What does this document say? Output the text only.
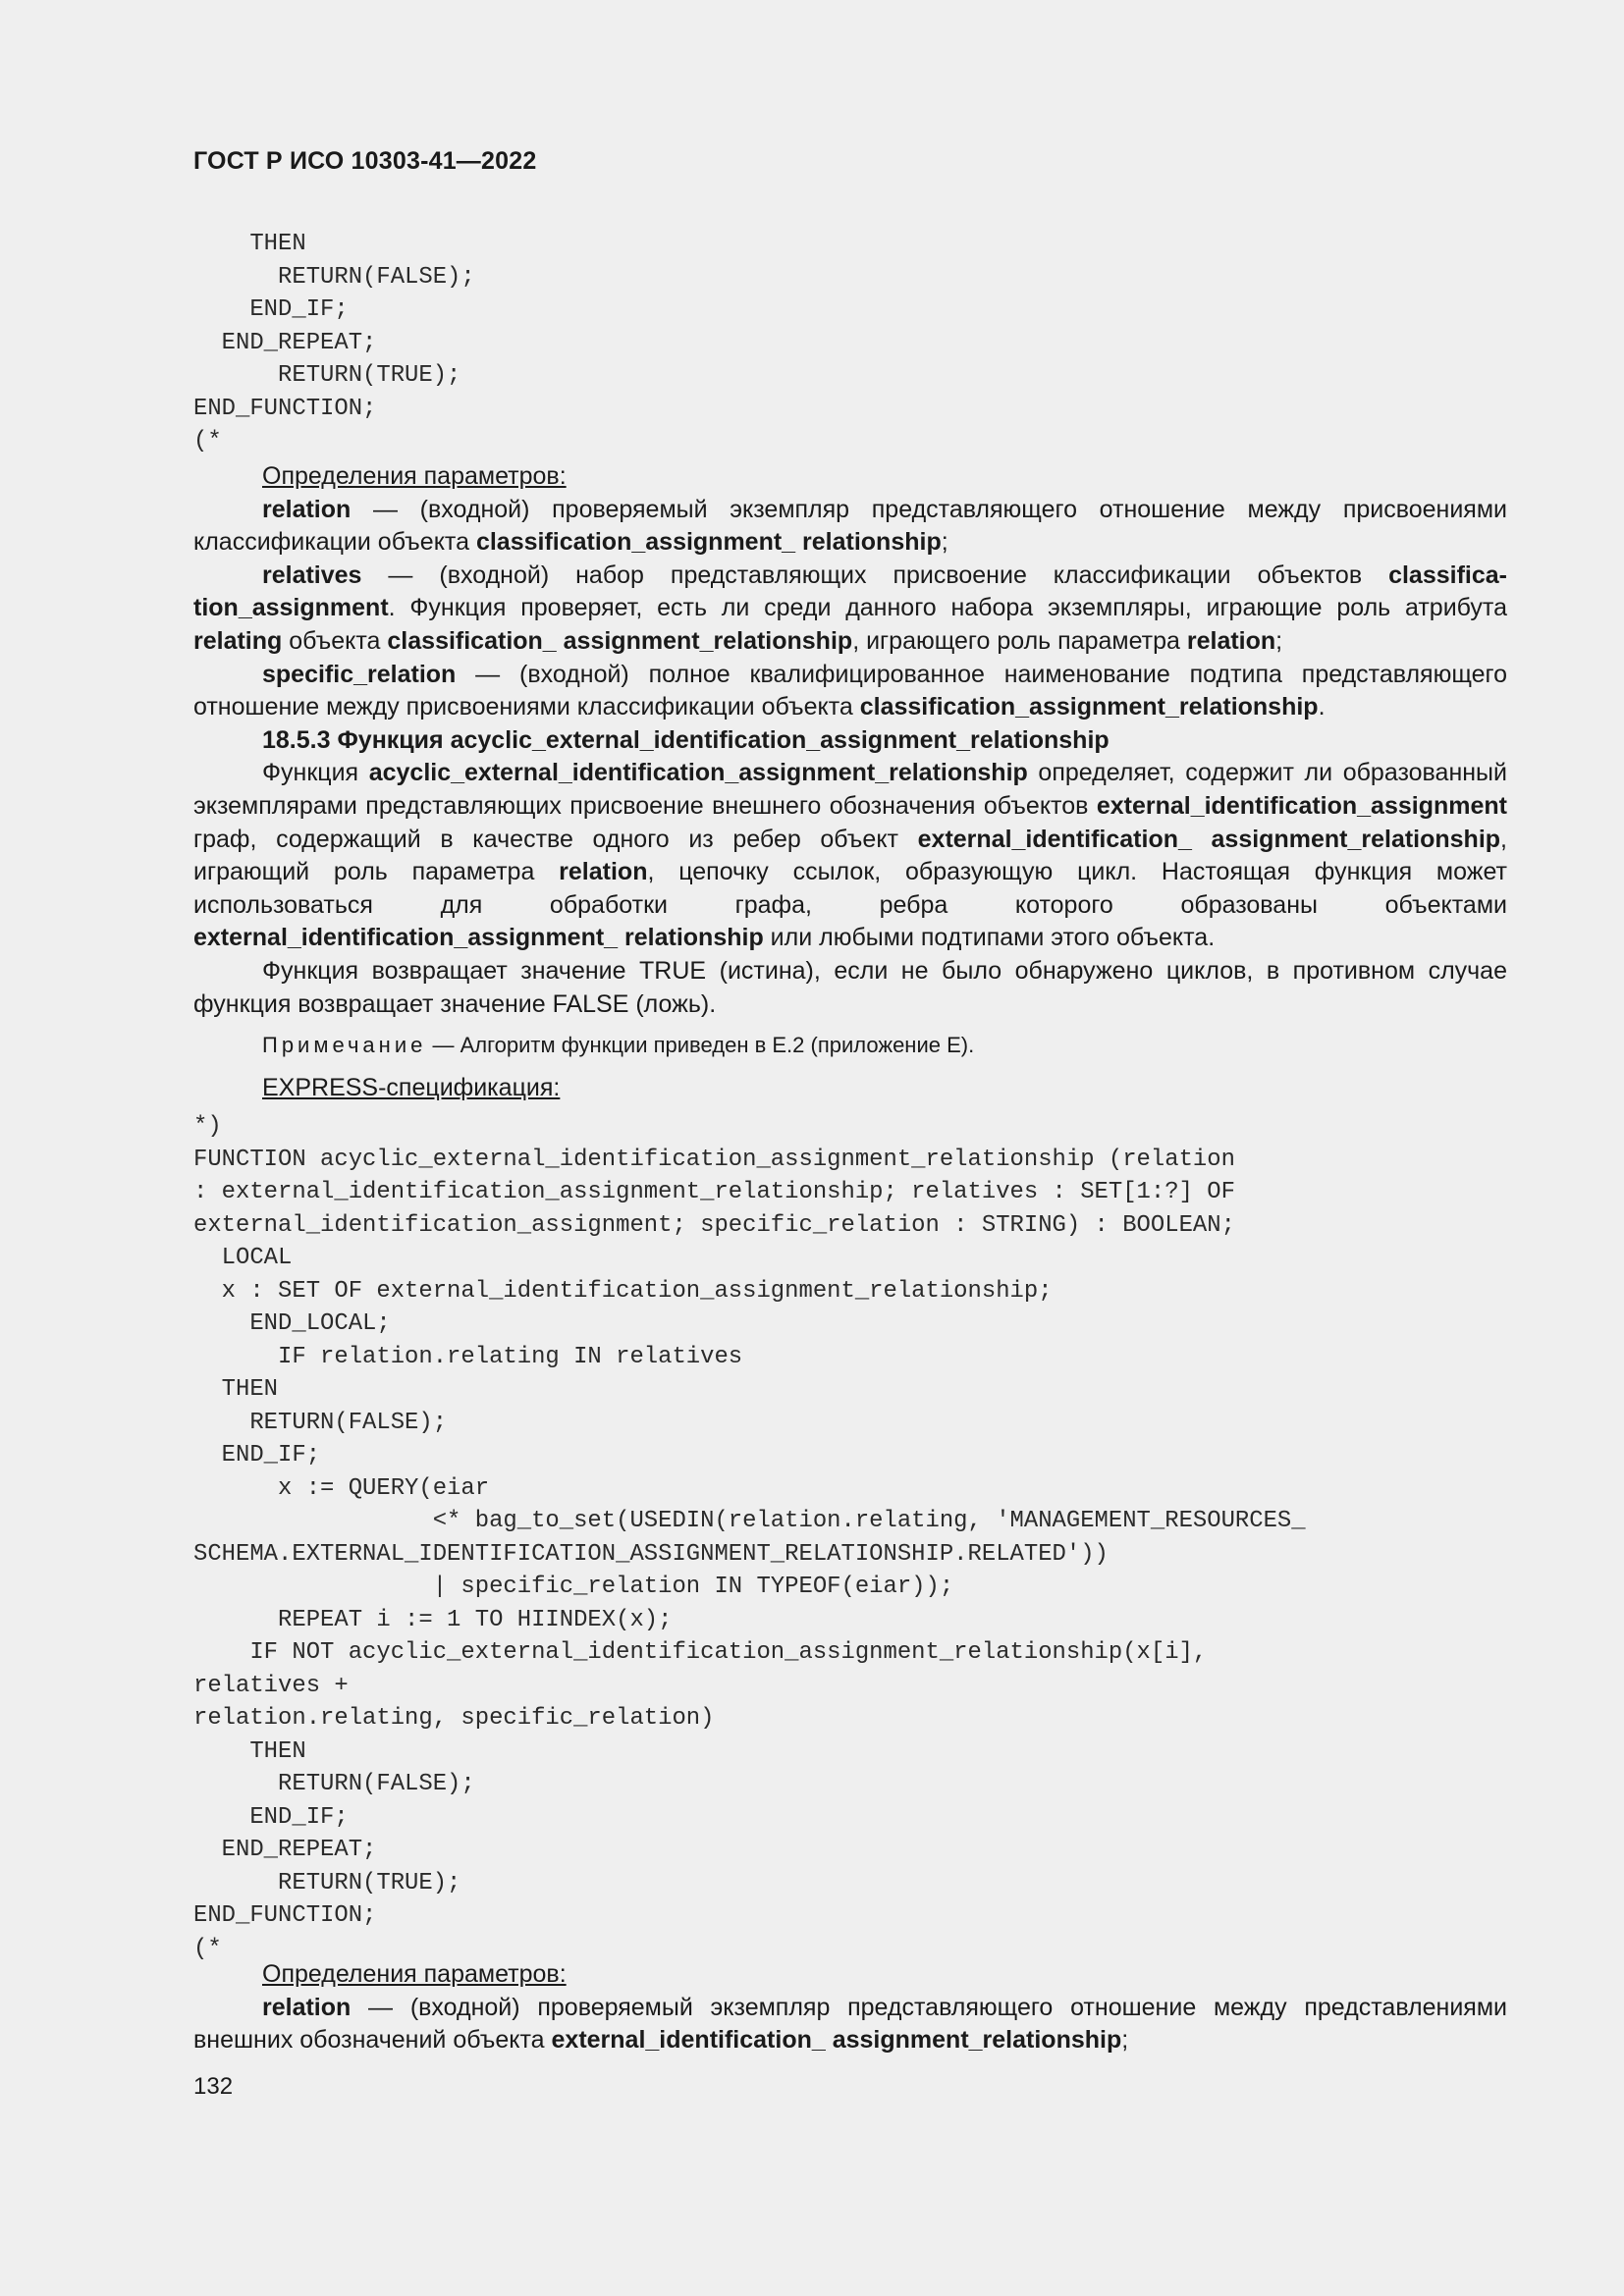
ГОСТ Р ИСО 10303-41—2022
THEN
RETURN(FALSE);
END_IF;
END_REPEAT;
RETURN(TRUE);
END_FUNCTION;
(*

Определения параметров:

relation — (входной) проверяемый экземпляр представляющего отношение между присвоениями классификации объекта classification_assignment_ relationship;

relatives — (входной) набор представляющих присвоение классификации объектов classification_assignment. Функция проверяет, есть ли среди данного набора экземпляры, играющие роль атрибута relating объекта classification_ assignment_relationship, играющего роль параметра relation;

specific_relation — (входной) полное квалифицированное наименование подтипа представляющего отношение между присвоениями классификации объекта classification_assignment_relationship.

18.5.3 Функция acyclic_external_identification_assignment_relationship

Функция acyclic_external_identification_assignment_relationship определяет, содержит ли образованный экземплярами представляющих присвоение внешнего обозначения объектов external_identification_assignment граф, содержащий в качестве одного из ребер объект external_identification_ assignment_relationship, играющий роль параметра relation, цепочку ссылок, образующую цикл. Настоящая функция может использоваться для обработки графа, ребра которого образованы объектами external_identification_assignment_ relationship или любыми подтипами этого объекта.

Функция возвращает значение TRUE (истина), если не было обнаружено циклов, в противном случае функция возвращает значение FALSE (ложь).

Примечание — Алгоритм функции приведен в Е.2 (приложение Е).

EXPRESS-спецификация:

*)
FUNCTION acyclic_external_identification_assignment_relationship (relation
: external_identification_assignment_relationship; relatives : SET[1:?] OF
external_identification_assignment; specific_relation : STRING) : BOOLEAN;
LOCAL
x : SET OF external_identification_assignment_relationship;
END_LOCAL;
IF relation.relating IN relatives
THEN
RETURN(FALSE);
END_IF;
x := QUERY(eiar
<* bag_to_set(USEDIN(relation.relating, 'MANAGEMENT_RESOURCES_
SCHEMA.EXTERNAL_IDENTIFICATION_ASSIGNMENT_RELATIONSHIP.RELATED'))
| specific_relation IN TYPEOF(eiar));
REPEAT i := 1 TO HIINDEX(x);
IF NOT acyclic_external_identification_assignment_relationship(x[i],
relatives +
relation.relating, specific_relation)
THEN
RETURN(FALSE);
END_IF;
END_REPEAT;
RETURN(TRUE);
END_FUNCTION;
(*

Определения параметров:

relation — (входной) проверяемый экземпляр представляющего отношение между представлениями внешних обозначений объекта external_identification_ assignment_relationship;

132
